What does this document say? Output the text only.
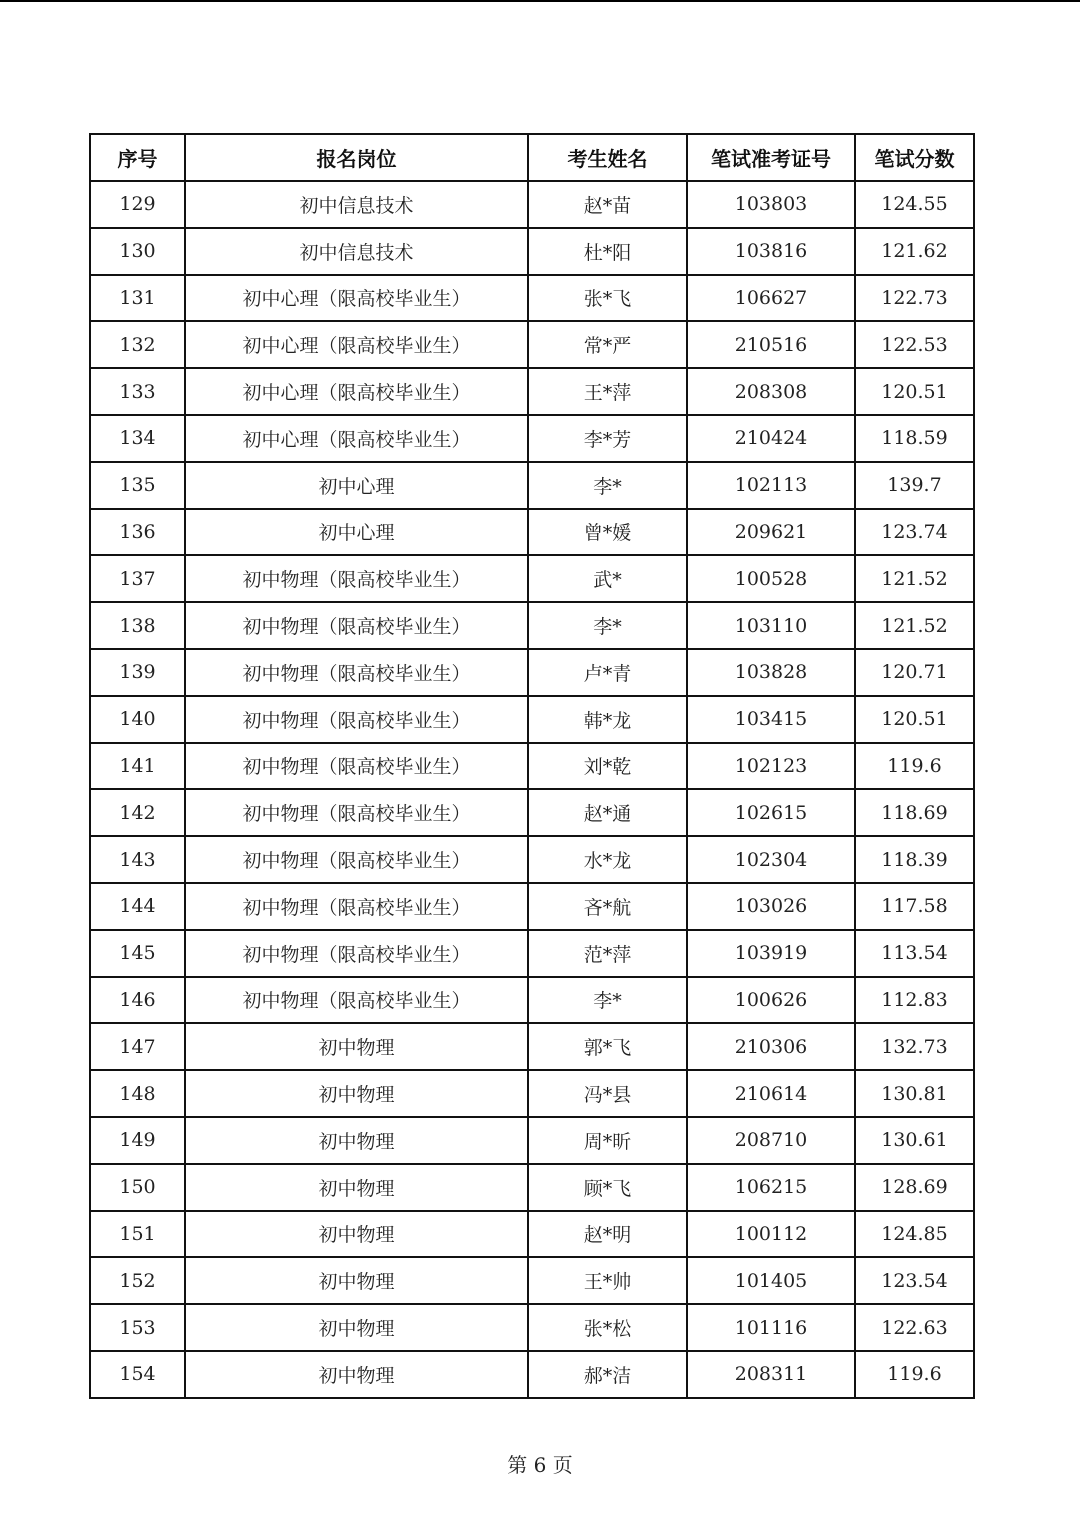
序号	报名岗位	考生姓名	笔试准考证号	笔试分数
129	初中信息技术	赵*苗	103803	124.55
130	初中信息技术	杜*阳	103816	121.62
131	初中心理（限高校毕业生）	张*飞	106627	122.73
132	初中心理（限高校毕业生）	常*严	210516	122.53
133	初中心理（限高校毕业生）	王*萍	208308	120.51
134	初中心理（限高校毕业生）	李*芳	210424	118.59
135	初中心理	李*	102113	139.7
136	初中心理	曾*媛	209621	123.74
137	初中物理（限高校毕业生）	武*	100528	121.52
138	初中物理（限高校毕业生）	李*	103110	121.52
139	初中物理（限高校毕业生）	卢*青	103828	120.71
140	初中物理（限高校毕业生）	韩*龙	103415	120.51
141	初中物理（限高校毕业生）	刘*乾	102123	119.6
142	初中物理（限高校毕业生）	赵*通	102615	118.69
143	初中物理（限高校毕业生）	水*龙	102304	118.39
144	初中物理（限高校毕业生）	吝*航	103026	117.58
145	初中物理（限高校毕业生）	范*萍	103919	113.54
146	初中物理（限高校毕业生）	李*	100626	112.83
147	初中物理	郭*飞	210306	132.73
148	初中物理	冯*县	210614	130.81
149	初中物理	周*昕	208710	130.61
150	初中物理	顾*飞	106215	128.69
151	初中物理	赵*明	100112	124.85
152	初中物理	王*帅	101405	123.54
153	初中物理	张*松	101116	122.63
154	初中物理	郝*洁	208311	119.6
第 6 页
